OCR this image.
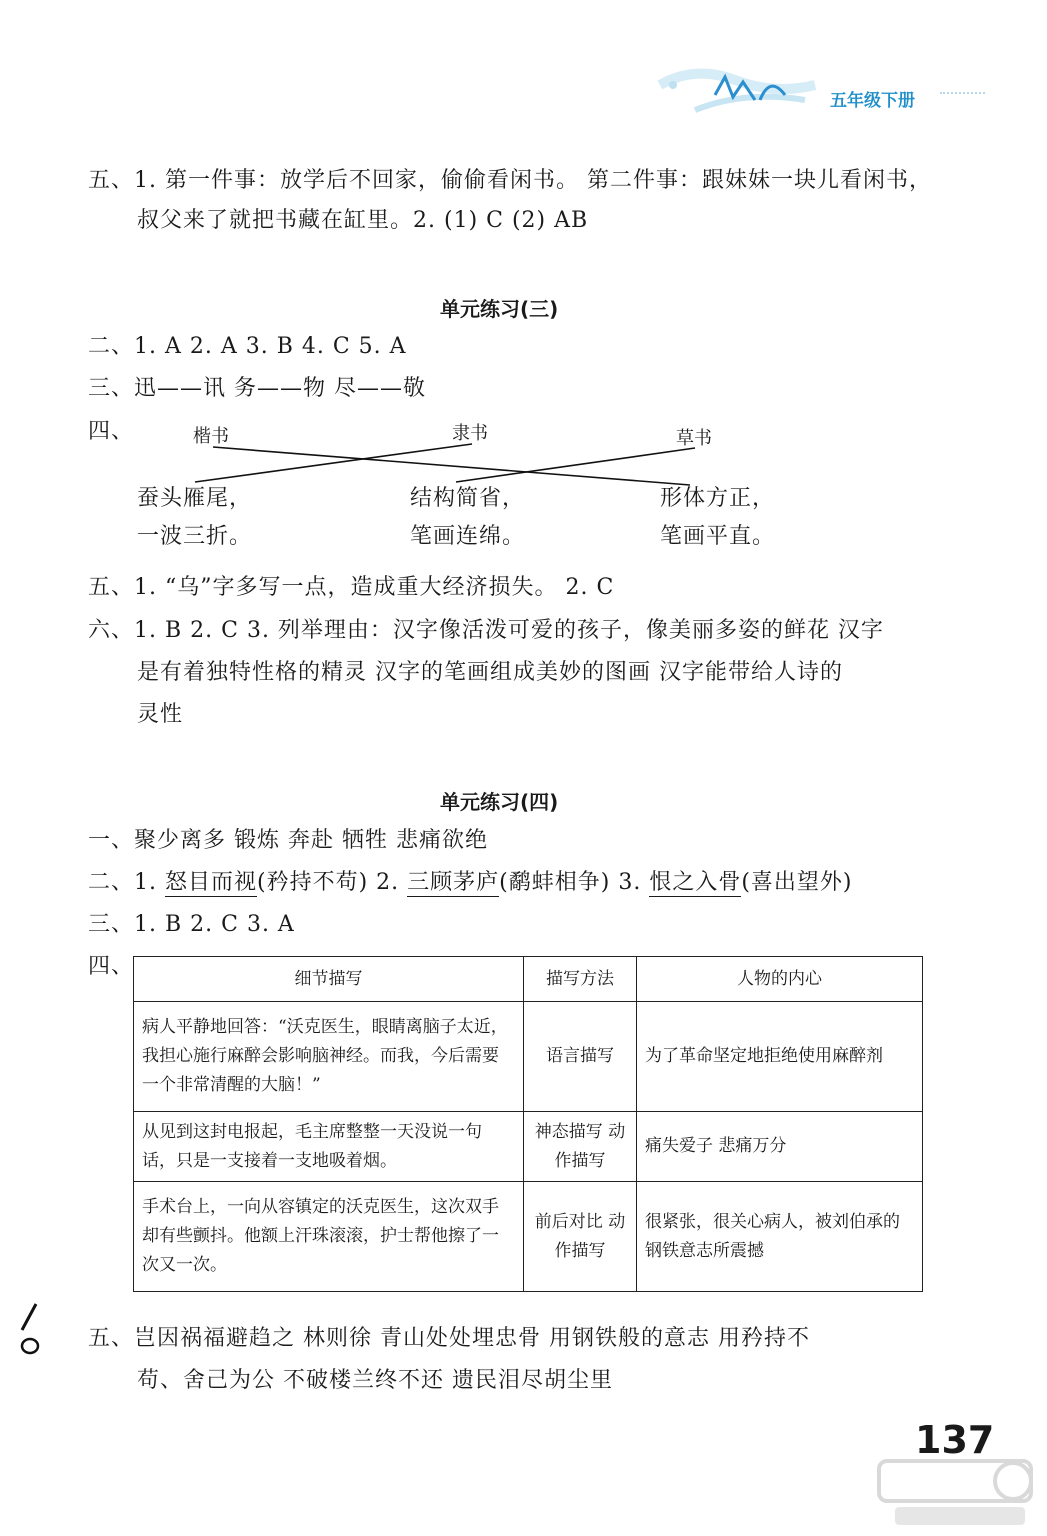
五年级下册
五、1. 第一件事：放学后不回家，偷偷看闲书。 第二件事：跟妹妹一块儿看闲书，
叔父来了就把书藏在缸里。2. (1) C (2) AB
单元练习(三)
二、1. A 2. A 3. B 4. C 5. A
三、迅——讯 务——物 尽——敬
四、	楷书	隶书	草书
蚕头雁尾，	结构简省，	形体方正，
一波三折。	笔画连绵。	笔画平直。
五、1. “乌”字多写一点，造成重大经济损失。 2. C
六、1. B 2. C 3. 列举理由：汉字像活泼可爱的孩子，像美丽多姿的鲜花 汉字
是有着独特性格的精灵 汉字的笔画组成美妙的图画 汉字能带给人诗的
灵性
单元练习(四)
一、聚少离多 锻炼 奔赴 牺牲 悲痛欲绝
二、1. 怒目而视(矜持不苟) 2. 三顾茅庐(鹬蚌相争) 3. 恨之入骨(喜出望外)
三、1. B 2. C 3. A
四、	细节描写	描写方法	人物的内心
病人平静地回答：“沃克医生，眼睛离脑子太近，我担心施行麻醉会影响脑神经。而我，今后需要一个非常清醒的大脑！”	语言描写	为了革命坚定地拒绝使用麻醉剂
从见到这封电报起，毛主席整整一天没说一句话，只是一支接着一支地吸着烟。	神态描写 动作描写	痛失爱子 悲痛万分
手术台上，一向从容镇定的沃克医生，这次双手却有些颤抖。他额上汗珠滚滚，护士帮他擦了一次又一次。	前后对比 动作描写	很紧张，很关心病人，被刘伯承的钢铁意志所震撼
五、岂因祸福避趋之 林则徐 青山处处埋忠骨 用钢铁般的意志 用矜持不
苟、舍己为公 不破楼兰终不还 遗民泪尽胡尘里
137
